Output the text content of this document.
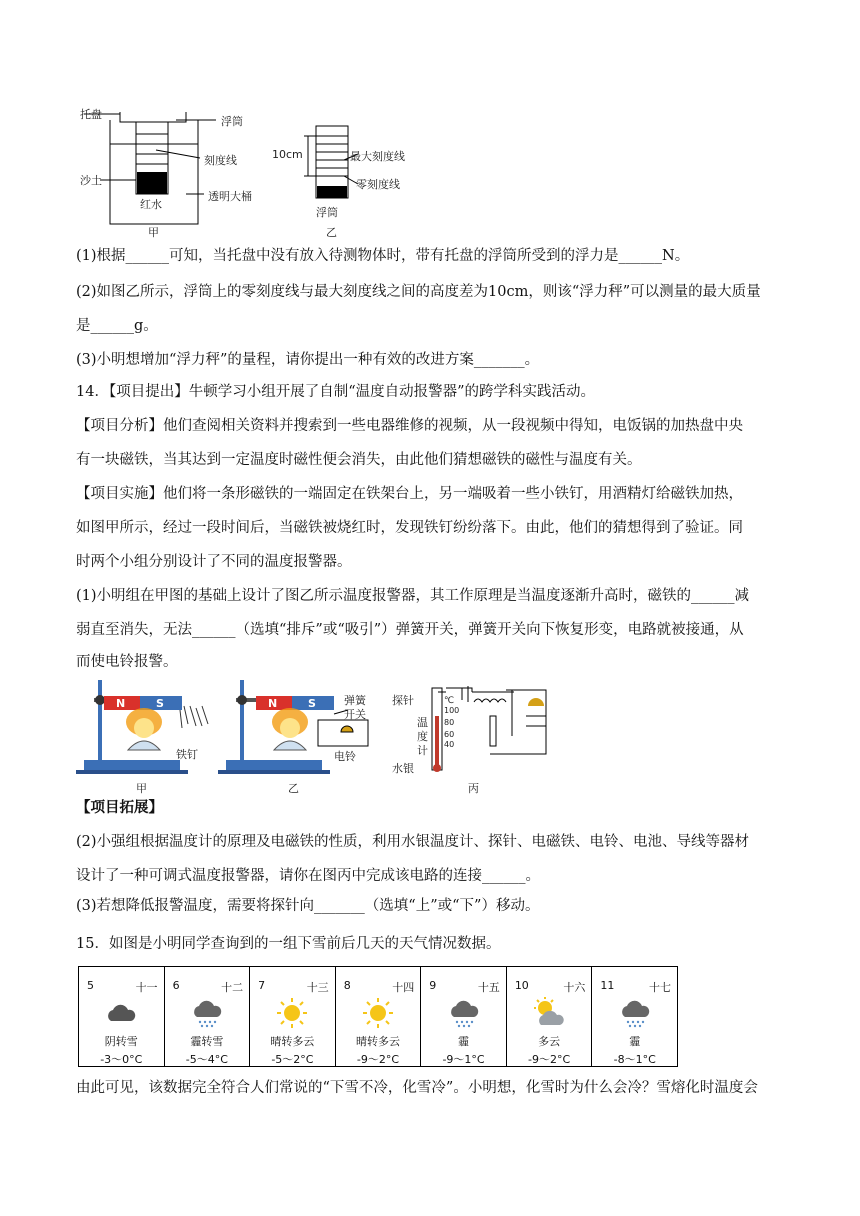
托盘
浮筒
刻度线
沙土
红水
透明大桶
甲
10cm	最大刻度线
零刻度线
浮筒
乙
(1)根据______可知，当托盘中没有放入待测物体时，带有托盘的浮筒所受到的浮力是______N。
(2)如图乙所示，浮筒上的零刻度线与最大刻度线之间的高度差为10cm，则该“浮力秤”可以测量的最大质量
是______g。
(3)小明想增加“浮力秤”的量程，请你提出一种有效的改进方案_______。
14．【项目提出】牛顿学习小组开展了自制“温度自动报警器”的跨学科实践活动。
【项目分析】他们查阅相关资料并搜索到一些电器维修的视频，从一段视频中得知，电饭锅的加热盘中央
有一块磁铁，当其达到一定温度时磁性便会消失，由此他们猜想磁铁的磁性与温度有关。
【项目实施】他们将一条形磁铁的一端固定在铁架台上，另一端吸着一些小铁钉，用酒精灯给磁铁加热，
如图甲所示，经过一段时间后，当磁铁被烧红时，发现铁钉纷纷落下。由此，他们的猜想得到了验证。同
时两个小组分别设计了不同的温度报警器。
(1)小明组在甲图的基础上设计了图乙所示温度报警器，其工作原理是当温度逐渐升高时，磁铁的______减
弱直至消失，无法______（选填“排斥”或“吸引”）弹簧开关，弹簧开关向下恢复形变，电路就被接通，从
而使电铃报警。
N	S
铁钉
甲
N	S	弹簧
开关
电铃
乙
探针
温
度
计
水银
℃
100
80
60
40
丙
【项目拓展】
(2)小强组根据温度计的原理及电磁铁的性质，利用水银温度计、探针、电磁铁、电铃、电池、导线等器材
设计了一种可调式温度报警器，请你在图丙中完成该电路的连接______。
(3)若想降低报警温度，需要将探针向_______（选填“上”或“下”）移动。
15．如图是小明同学查询到的一组下雪前后几天的天气情况数据。
5	十一
阴转雪
-3～0°C

6	十二
霾转雪
-5～4°C

7	十三
晴转多云
-5～2°C

8	十四
晴转多云
-9～2°C

9	十五
霾
-9～1°C

10	十六
多云
-9～2°C

11	十七
霾
-8～1°C
由此可见，该数据完全符合人们常说的“下雪不冷，化雪冷”。小明想，化雪时为什么会冷？雪熔化时温度会
